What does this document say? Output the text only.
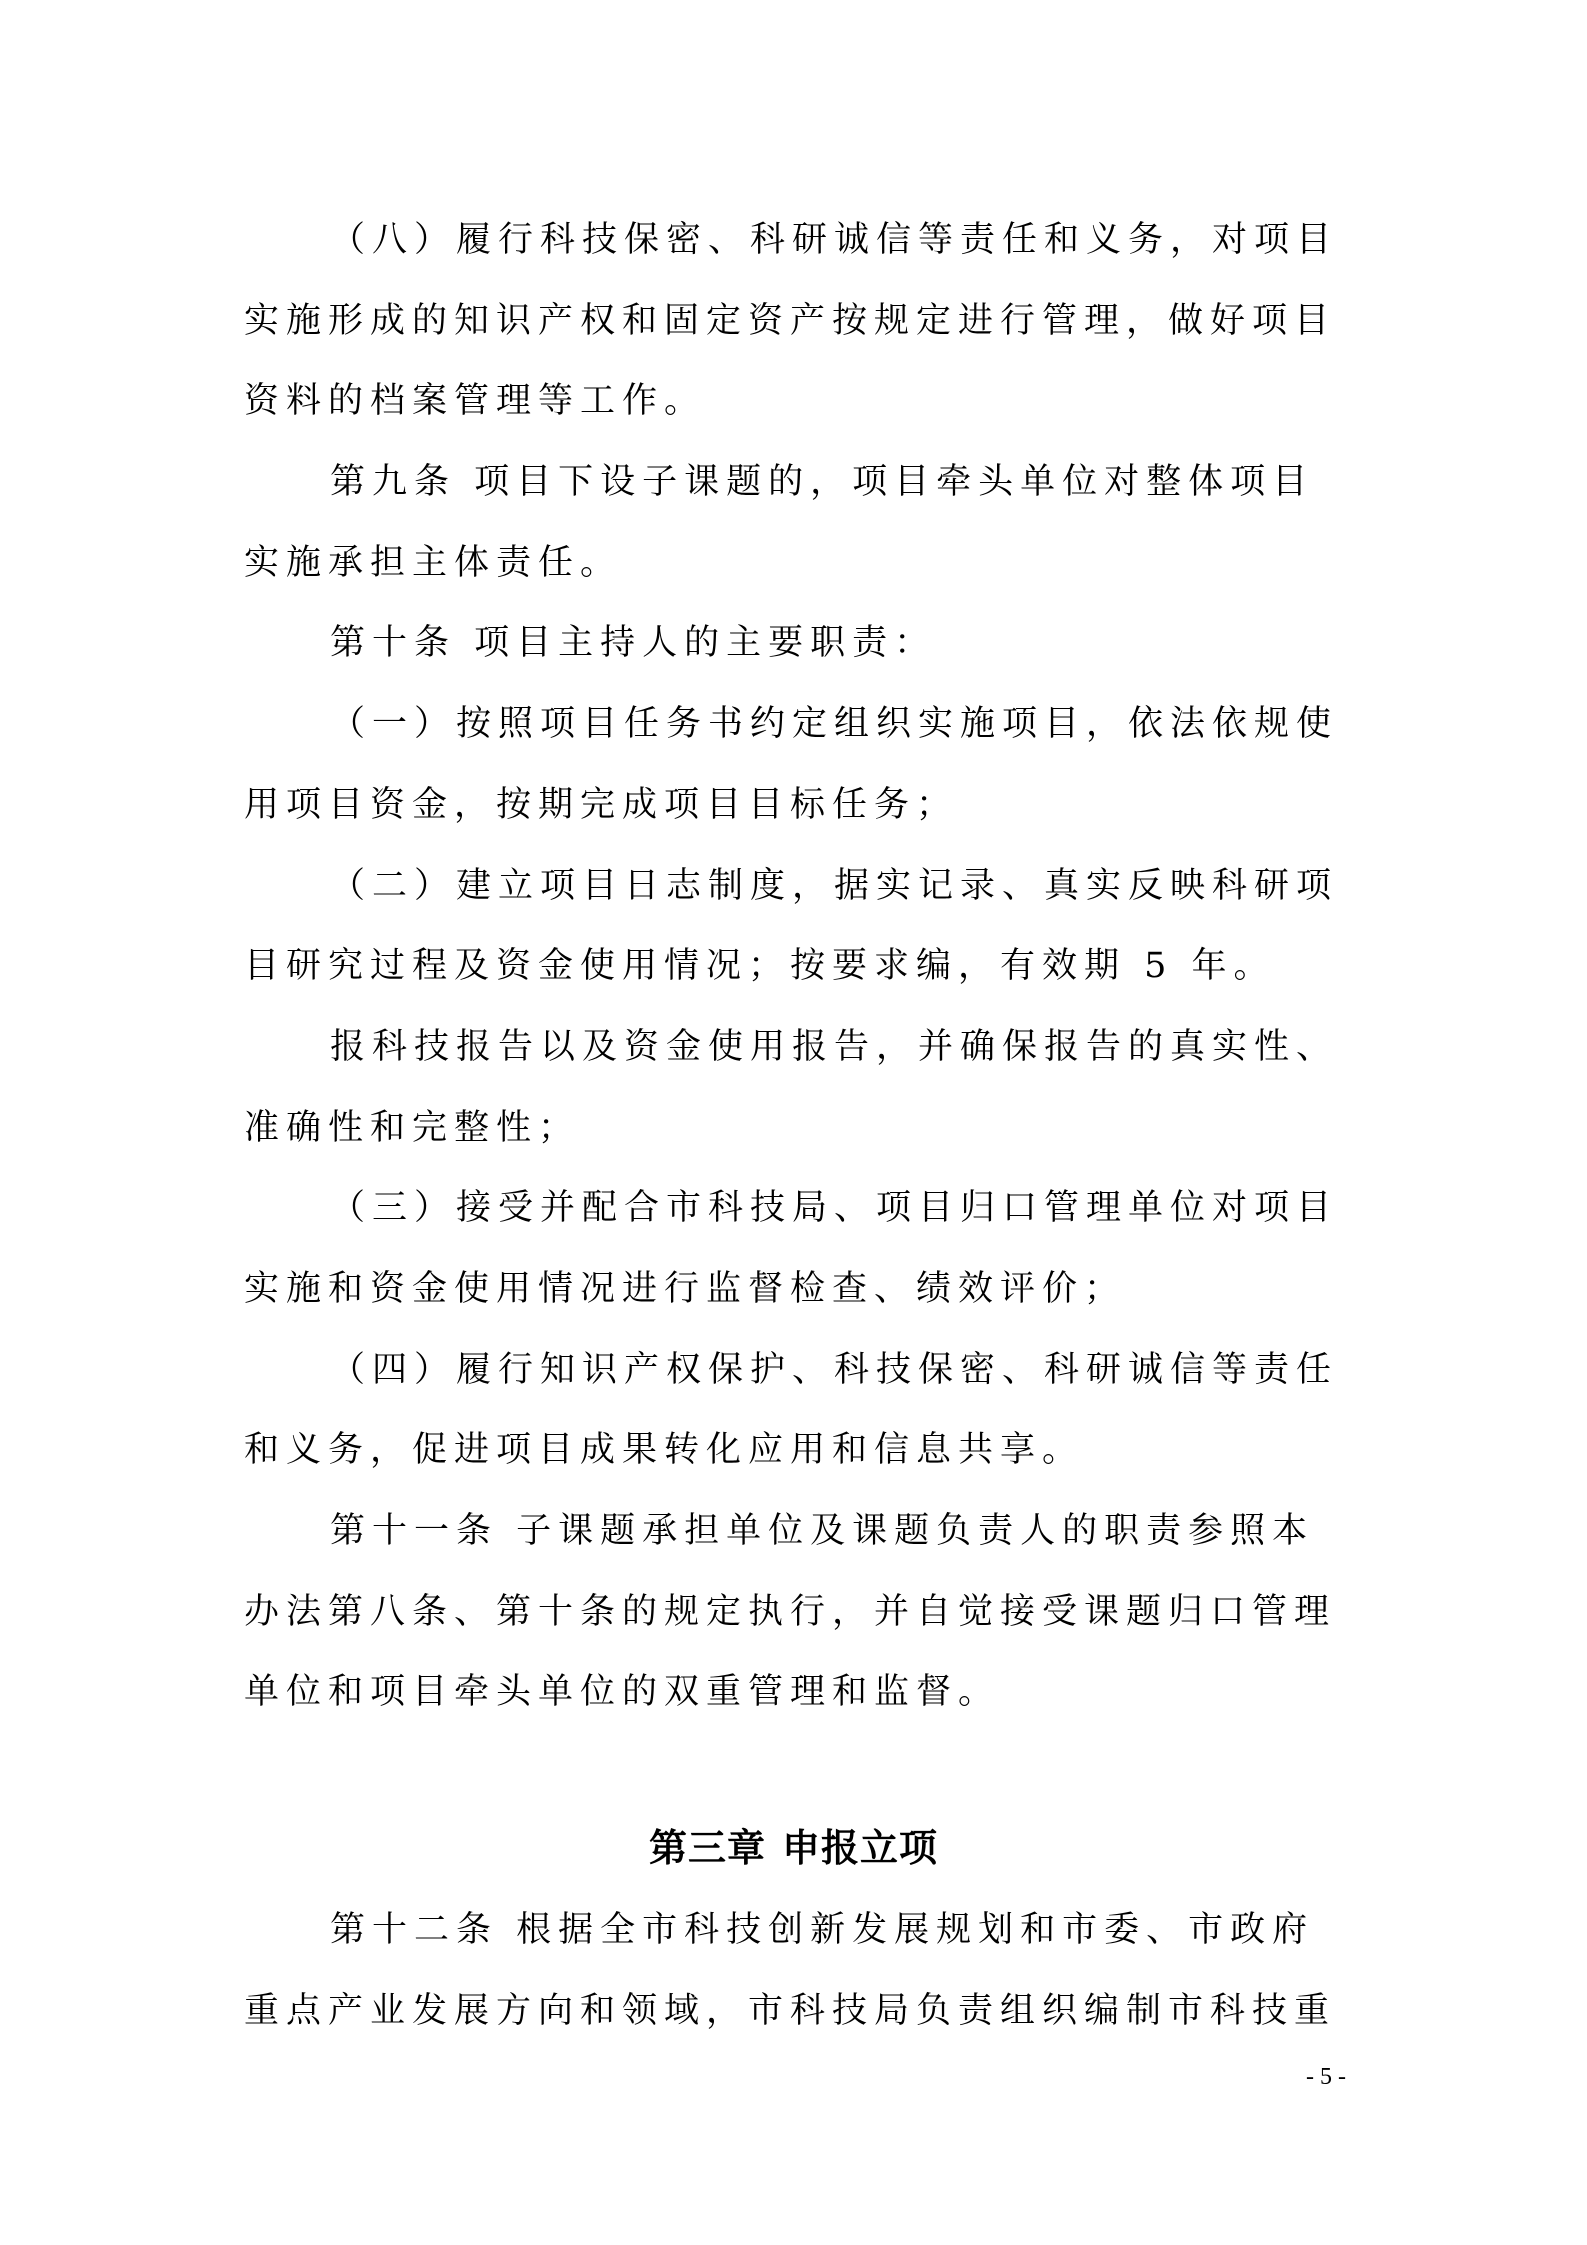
（八）履行科技保密、科研诚信等责任和义务，对项目
实施形成的知识产权和固定资产按规定进行管理，做好项目
资料的档案管理等工作。
第九条 项目下设子课题的，项目牵头单位对整体项目
实施承担主体责任。
第十条 项目主持人的主要职责：
（一）按照项目任务书约定组织实施项目，依法依规使
用项目资金，按期完成项目目标任务；
（二）建立项目日志制度，据实记录、真实反映科研项
目研究过程及资金使用情况；按要求编，有效期 5 年。
报科技报告以及资金使用报告，并确保报告的真实性、
准确性和完整性；
（三）接受并配合市科技局、项目归口管理单位对项目
实施和资金使用情况进行监督检查、绩效评价；
（四）履行知识产权保护、科技保密、科研诚信等责任
和义务，促进项目成果转化应用和信息共享。
第十一条 子课题承担单位及课题负责人的职责参照本
办法第八条、第十条的规定执行，并自觉接受课题归口管理
单位和项目牵头单位的双重管理和监督。
第三章 申报立项
第十二条 根据全市科技创新发展规划和市委、市政府
重点产业发展方向和领域，市科技局负责组织编制市科技重
- 5 -
